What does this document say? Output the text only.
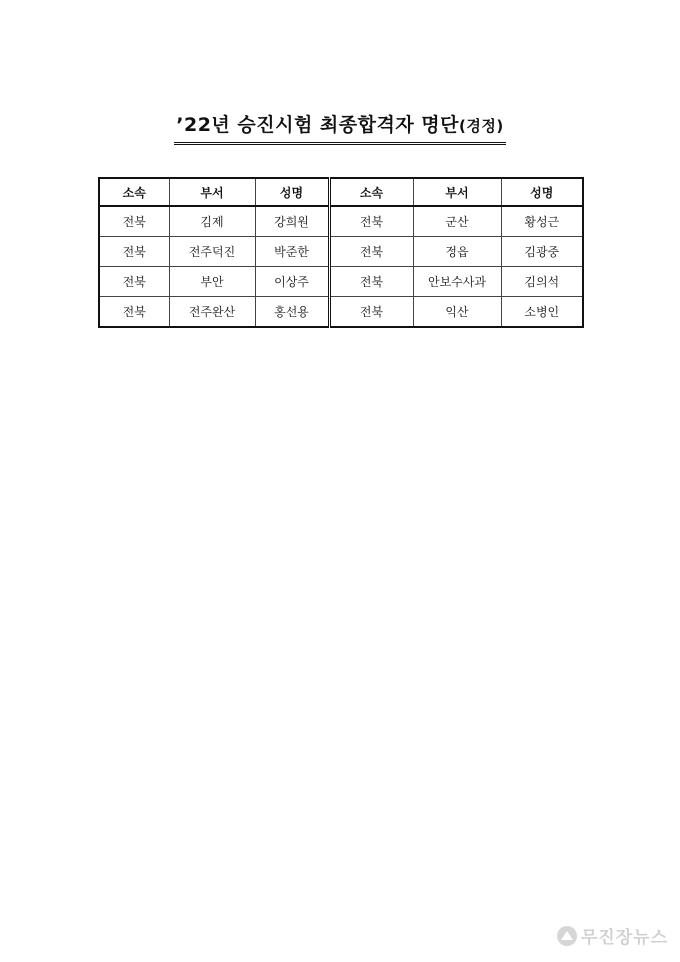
’22년 승진시험 최종합격자 명단(경정)
소속	부서	성명	소속	부서	성명
전북	김제	강희원	전북	군산	황성근
전북	전주덕진	박준한	전북	정읍	김광중
전북	부안	이상주	전북	안보수사과	김의석
전북	전주완산	홍선용	전북	익산	소병인
무진장뉴스
